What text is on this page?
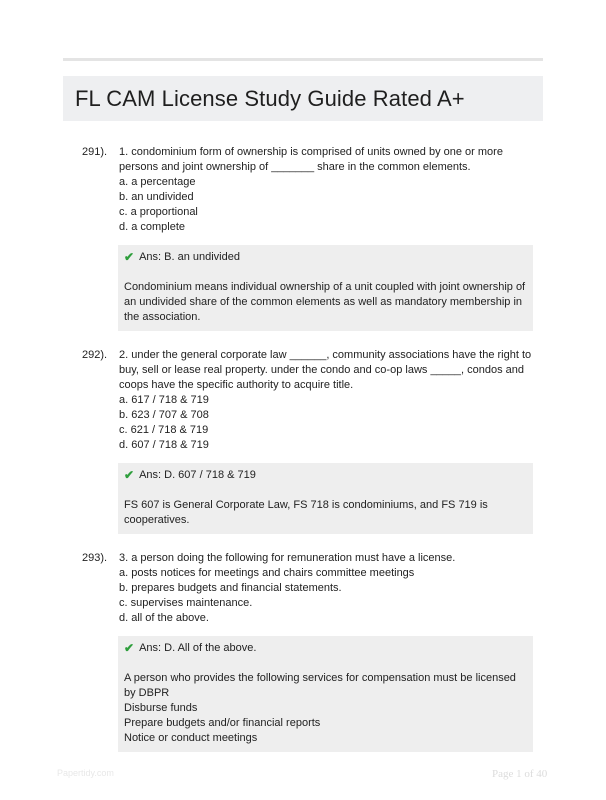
FL CAM License Study Guide Rated A+
291).	1. condominium form of ownership is comprised of units owned by one or more persons and joint ownership of _______ share in the common elements.

a. a percentage

b. an undivided

c. a proportional

d. a complete

✔ Ans: B. an undivided

Condominium means individual ownership of a unit coupled with joint ownership of an undivided share of the common elements as well as mandatory membership in the association.

292).	2. under the general corporate law ______, community associations have the right to buy, sell or lease real property. under the condo and co-op laws _____, condos and coops have the specific authority to acquire title.

a. 617 / 718 & 719

b. 623 / 707 & 708

c. 621 / 718 & 719

d. 607 / 718 & 719

✔ Ans: D. 607 / 718 & 719

FS 607 is General Corporate Law, FS 718 is condominiums, and FS 719 is cooperatives.

293).	3. a person doing the following for remuneration must have a license.

a. posts notices for meetings and chairs committee meetings

b. prepares budgets and financial statements.

c. supervises maintenance.

d. all of the above.

✔ Ans: D. All of the above.

A person who provides the following services for compensation must be licensed by DBPR

Disburse funds

Prepare budgets and/or financial reports

Notice or conduct meetings

Papertidy.com	Page 1 of 40
